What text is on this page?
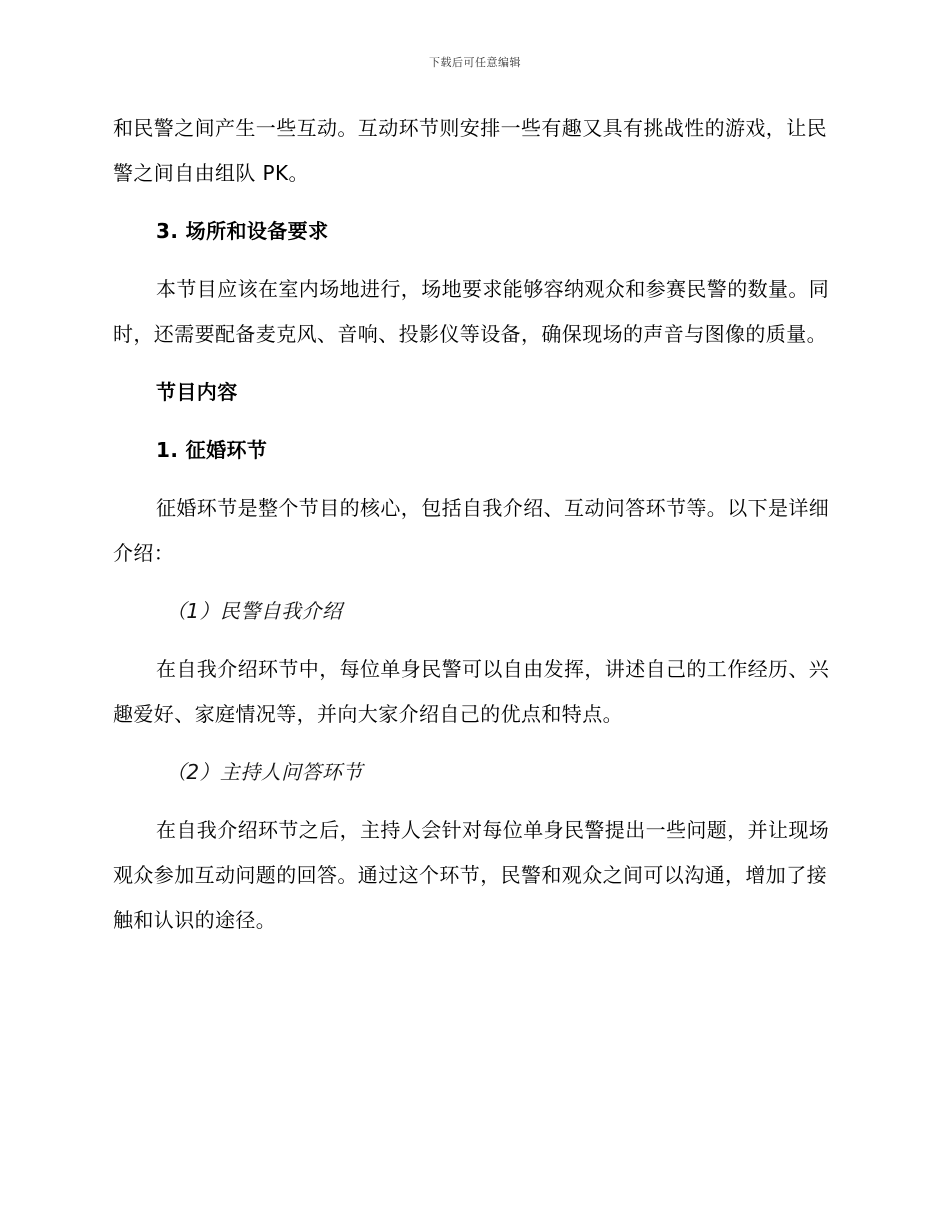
下载后可任意编辑

和民警之间产生一些互动。互动环节则安排一些有趣又具有挑战性的游戏，让民警之间自由组队 PK。

3. 场所和设备要求

本节目应该在室内场地进行，场地要求能够容纳观众和参赛民警的数量。同时，还需要配备麦克风、音响、投影仪等设备，确保现场的声音与图像的质量。

节目内容

1. 征婚环节

征婚环节是整个节目的核心，包括自我介绍、互动问答环节等。以下是详细介绍：

（1）民警自我介绍

在自我介绍环节中，每位单身民警可以自由发挥，讲述自己的工作经历、兴趣爱好、家庭情况等，并向大家介绍自己的优点和特点。

（2）主持人问答环节

在自我介绍环节之后，主持人会针对每位单身民警提出一些问题，并让现场观众参加互动问题的回答。通过这个环节，民警和观众之间可以沟通，增加了接触和认识的途径。
